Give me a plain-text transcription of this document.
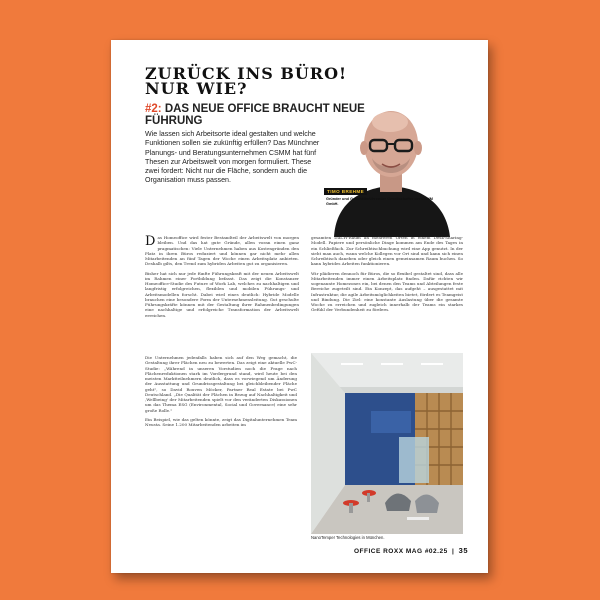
ZURÜCK INS BÜRO!
NUR WIE?
#2: DAS NEUE OFFICE BRAUCHT NEUE FÜHRUNG
Wie lassen sich Arbeitsorte ideal gestalten und welche Funktionen sollen sie zukünftig erfüllen? Das Münchner Planungs- und Beratungsunternehmen CSMM hat fünf Thesen zur Arbeitswelt von morgen formuliert. These zwei fordert: Nicht nur die Fläche, sondern auch die Organisation muss passen.
TIMO BREHME
Gründer und Geschäftsführender Gesellschafter der CSMM GmbH.

Das Homeoffice wird fester Bestandteil der Arbeitswelt von morgen bleiben. Und das hat gute Gründe, allen voran einen ganz pragmatischen: Viele Unternehmen haben aus Kostengründen den Platz in ihren Büros reduziert und können gar nicht mehr allen Mitarbeitenden an fünf Tagen der Woche einen Arbeitsplatz anbieten. Deshalb gilts, den Trend zum hybriden Arbeiten gut zu organisieren.

Bisher hat sich nur jede fünfte Führungskraft mit der neuen Arbeitswelt im Rahmen einer Fortbildung befasst. Das zeigt die Konstanzer Homeoffice-Studie des Future of Work Lab, welches zu nachhaltigen und langfristig erfolgreichen, flexiblen und mobilen Führungs- und Arbeitsmodellen forscht. Dabei wird eines deutlich: Hybride Modelle brauchen eine besondere Form der Unternehmensleitung. Gut geschulte Führungskräfte können mit der Gestaltung ihrer Rahmenbedingungen eine nachhaltige und erfolgreiche Transformation der Arbeitswelt erreichen.

gesamten DACH-Raum an mehreren Orten in einem Desk-Sharing-Modell. Papiere und persönliche Dinge kommen am Ende des Tages in ein Schließfach. Zur Schreibtischbuchung wird eine App genutzt. In der sieht man auch, wann welche Kollegen vor Ort sind und kann sich einen Schreibtisch daneben oder gleich einen gemeinsamen Raum buchen. So kann hybrides Arbeiten funktionieren.

Wir plädieren dennoch für Büros, die so flexibel gestaltet sind, dass alle Mitarbeitenden immer einen Arbeitsplatz finden. Dafür richten wir sogenannte Homezones ein, bei denen den Teams und Abteilungen feste Bereiche zugeteilt sind. Ein Konzept, das aufgeht – ausgestattet mit Infrastruktur, die agile Arbeitsmöglichkeiten bietet, fördert es Teamgeist und Bindung. Die Ziel: eine konstante Auslastung über die gesamte Woche zu erreichen und zugleich innerhalb der Teams ein starkes Gefühl der Verbundenheit zu fördern.

Die Unternehmen jedenfalls haben sich auf den Weg gemacht, die Gestaltung ihrer Flächen neu zu bewerten. Das zeigt eine aktuelle PwC-Studie: „Während in unseren Vorstudien noch die Frage nach Flächenreduktionen stark im Vordergrund stand, wird heute bei den meisten Marktteilnehmern deutlich, dass es vorwiegend um Änderung der Ausstattung und Grundrissgestaltung bei gleichbleibender Fläche geht", so David Rouven Möcker, Partner Real Estate bei PwC Deutschland. „Die Qualität der Flächen in Bezug auf Nachhaltigkeit und ‚Wellbeing' der Mitarbeitenden spielt vor den veränderten Diskussionen um das Thema ESG (Environmental, Social und Governance) eine sehr große Rolle."

Ein Beispiel, wie das gelten könnte, zeigt das Digitalunternehmen Team Neusta. Seine 1.200 Mitarbeitenden arbeiten im

NanoTemper Technologies in München.
OFFICE ROXX MAG #02.25 | 35
